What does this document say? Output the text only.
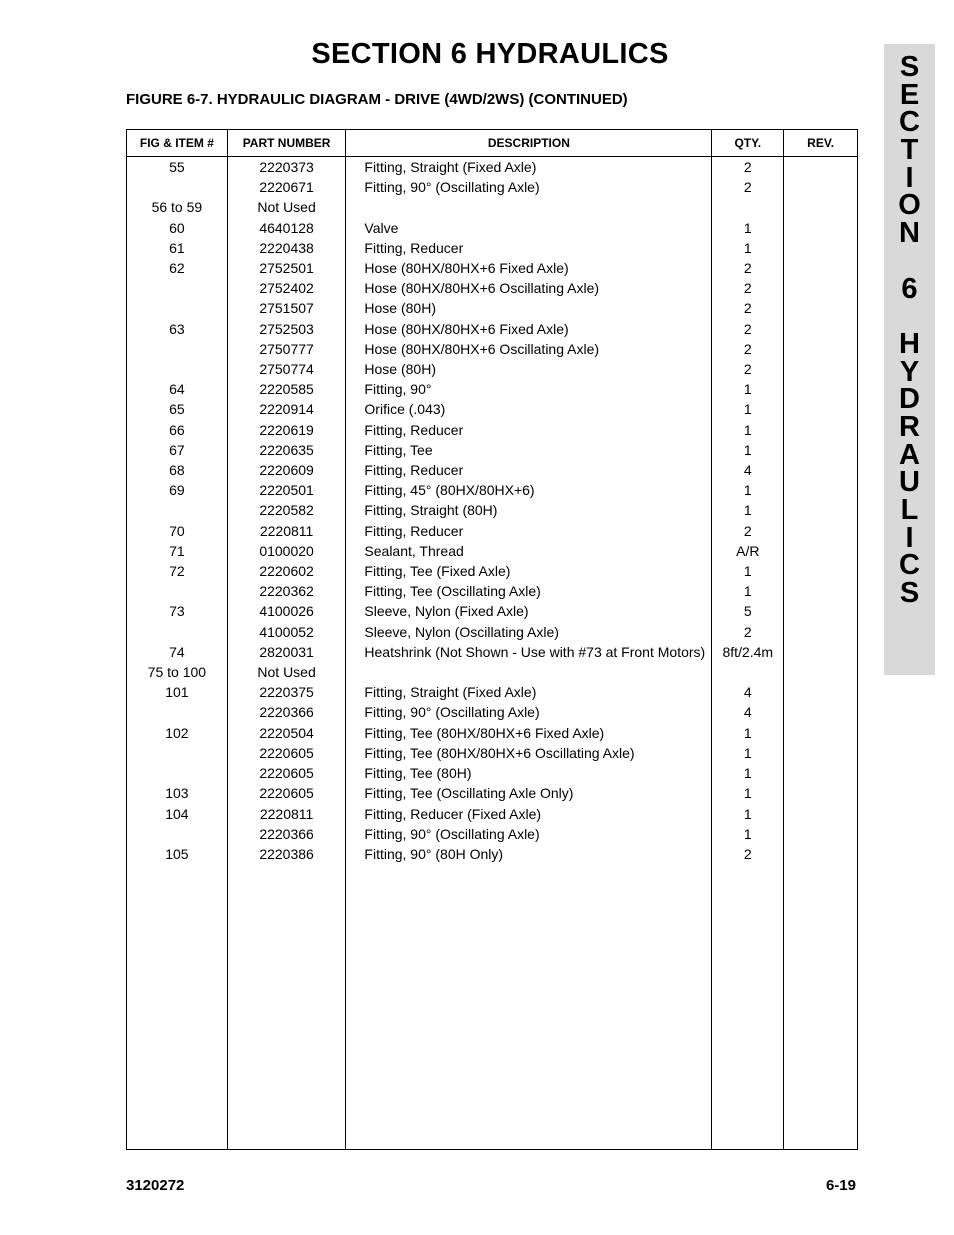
SECTION 6 HYDRAULICS
FIGURE 6-7. HYDRAULIC DIAGRAM - DRIVE (4WD/2WS) (CONTINUED)
S
E
C
T
I
O
N
6
H
Y
D
R
A
U
L
I
C
S
FIG & ITEM #	PART NUMBER	DESCRIPTION	QTY.	REV.
55	2220373	Fitting, Straight (Fixed Axle)	2	
	2220671	Fitting, 90° (Oscillating Axle)	2	
56 to 59	Not Used			
60	4640128	Valve	1	
61	2220438	Fitting, Reducer	1	
62	2752501	Hose (80HX/80HX+6 Fixed Axle)	2	
	2752402	Hose (80HX/80HX+6 Oscillating Axle)	2	
	2751507	Hose (80H)	2	
63	2752503	Hose (80HX/80HX+6 Fixed Axle)	2	
	2750777	Hose (80HX/80HX+6 Oscillating Axle)	2	
	2750774	Hose (80H)	2	
64	2220585	Fitting, 90°	1	
65	2220914	Orifice (.043)	1	
66	2220619	Fitting, Reducer	1	
67	2220635	Fitting, Tee	1	
68	2220609	Fitting, Reducer	4	
69	2220501	Fitting, 45° (80HX/80HX+6)	1	
	2220582	Fitting, Straight (80H)	1	
70	2220811	Fitting, Reducer	2	
71	0100020	Sealant, Thread	A/R	
72	2220602	Fitting, Tee (Fixed Axle)	1	
	2220362	Fitting, Tee (Oscillating Axle)	1	
73	4100026	Sleeve, Nylon (Fixed Axle)	5	
	4100052	Sleeve, Nylon (Oscillating Axle)	2	
74	2820031	Heatshrink (Not Shown - Use with #73 at Front Motors)	8ft/2.4m	
75 to 100	Not Used			
101	2220375	Fitting, Straight (Fixed Axle)	4	
	2220366	Fitting, 90° (Oscillating Axle)	4	
102	2220504	Fitting, Tee (80HX/80HX+6 Fixed Axle)	1	
	2220605	Fitting, Tee (80HX/80HX+6 Oscillating Axle)	1	
	2220605	Fitting, Tee (80H)	1	
103	2220605	Fitting, Tee (Oscillating Axle Only)	1	
104	2220811	Fitting, Reducer (Fixed Axle)	1	
	2220366	Fitting, 90° (Oscillating Axle)	1	
105	2220386	Fitting, 90° (80H Only)	2	

3120272	6-19
